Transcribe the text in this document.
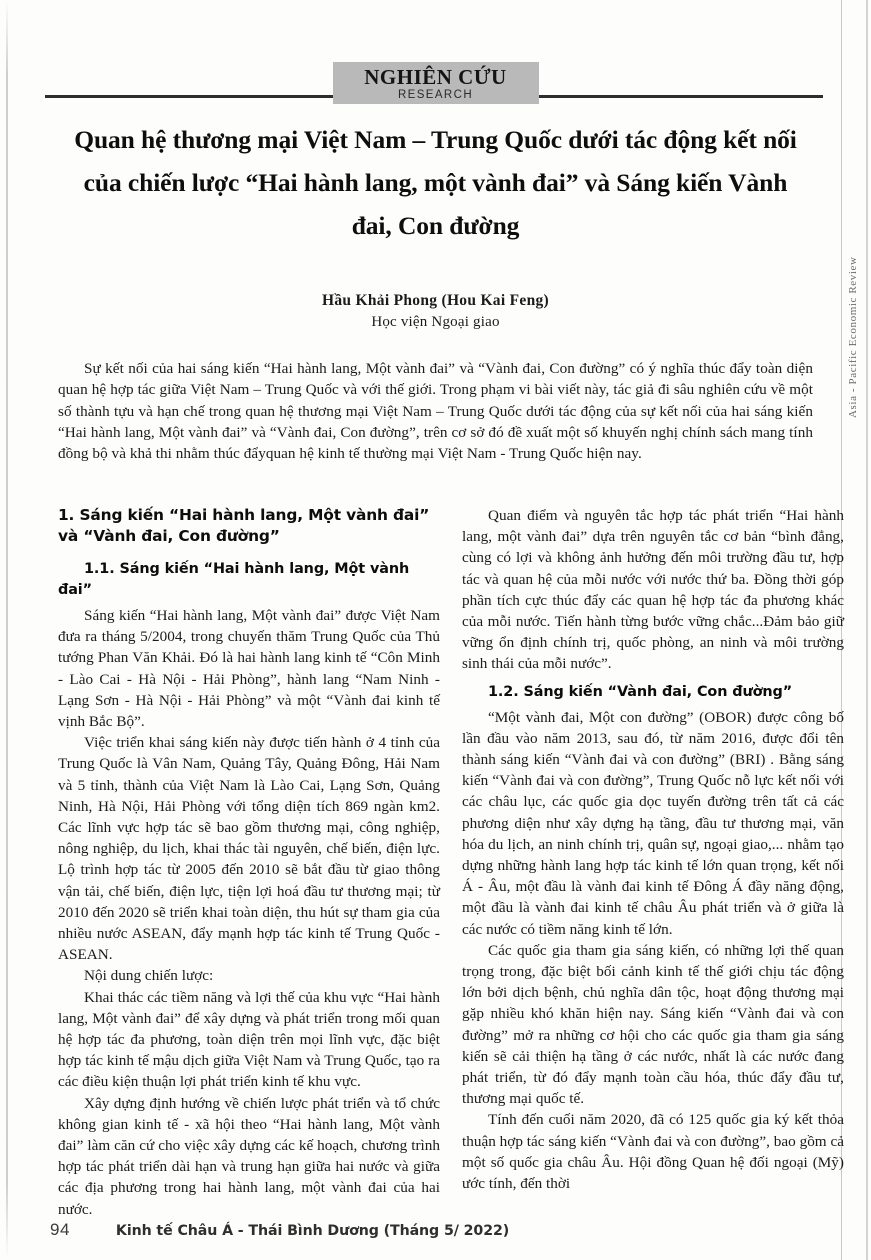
NGHIÊN CỨU
RESEARCH
Quan hệ thương mại Việt Nam – Trung Quốc dưới tác động kết nối của chiến lược “Hai hành lang, một vành đai” và Sáng kiến Vành đai, Con đường
Hầu Khải Phong (Hou Kai Feng)
Học viện Ngoại giao
Sự kết nối của hai sáng kiến “Hai hành lang, Một vành đai” và “Vành đai, Con đường” có ý nghĩa thúc đẩy toàn diện quan hệ hợp tác giữa Việt Nam – Trung Quốc và với thế giới. Trong phạm vi bài viết này, tác giả đi sâu nghiên cứu về một số thành tựu và hạn chế trong quan hệ thương mại Việt Nam – Trung Quốc dưới tác động của sự kết nối của hai sáng kiến “Hai hành lang, Một vành đai” và “Vành đai, Con đường”, trên cơ sở đó đề xuất một số khuyến nghị chính sách mang tính đồng bộ và khả thi nhằm thúc đẩyquan hệ kinh tế thường mại Việt Nam - Trung Quốc hiện nay.
1. Sáng kiến “Hai hành lang, Một vành đai” và “Vành đai, Con đường”
1.1. Sáng kiến “Hai hành lang, Một vành đai”

Sáng kiến “Hai hành lang, Một vành đai” được Việt Nam đưa ra tháng 5/2004, trong chuyến thăm Trung Quốc của Thủ tướng Phan Văn Khải. Đó là hai hành lang kinh tế “Côn Minh - Lào Cai - Hà Nội - Hải Phòng”, hành lang “Nam Ninh - Lạng Sơn - Hà Nội - Hải Phòng” và một “Vành đai kinh tế vịnh Bắc Bộ”.

Việc triển khai sáng kiến này được tiến hành ở 4 tỉnh của Trung Quốc là Vân Nam, Quảng Tây, Quảng Đông, Hải Nam và 5 tỉnh, thành của Việt Nam là Lào Cai, Lạng Sơn, Quảng Ninh, Hà Nội, Hải Phòng với tổng diện tích 869 ngàn km2. Các lĩnh vực hợp tác sẽ bao gồm thương mại, công nghiệp, nông nghiệp, du lịch, khai thác tài nguyên, chế biến, điện lực. Lộ trình hợp tác từ 2005 đến 2010 sẽ bắt đầu từ giao thông vận tải, chế biến, điện lực, tiện lợi hoá đầu tư thương mại; từ 2010 đến 2020 sẽ triển khai toàn diện, thu hút sự tham gia của nhiều nước ASEAN, đẩy mạnh hợp tác kinh tế Trung Quốc - ASEAN.

Nội dung chiến lược:

Khai thác các tiềm năng và lợi thế của khu vực “Hai hành lang, Một vành đai” để xây dựng và phát triển trong mối quan hệ hợp tác đa phương, toàn diện trên mọi lĩnh vực, đặc biệt hợp tác kinh tế mậu dịch giữa Việt Nam và Trung Quốc, tạo ra các điều kiện thuận lợi phát triển kinh tế khu vực.

Xây dựng định hướng về chiến lược phát triển và tổ chức không gian kinh tế - xã hội theo “Hai hành lang, Một vành đai” làm căn cứ cho việc xây dựng các kế hoạch, chương trình hợp tác phát triển dài hạn và trung hạn giữa hai nước và giữa các địa phương trong hai hành lang, một vành đai của hai nước.

Quan điểm và nguyên tắc hợp tác phát triển “Hai hành lang, một vành đai” dựa trên nguyên tắc cơ bản “bình đẳng, cùng có lợi và không ảnh hưởng đến môi trường đầu tư, hợp tác và quan hệ của mỗi nước với nước thứ ba. Đồng thời góp phần tích cực thúc đẩy các quan hệ hợp tác đa phương khác của mỗi nước. Tiến hành từng bước vững chắc...Đảm bảo giữ vững ổn định chính trị, quốc phòng, an ninh và môi trường sinh thái của mỗi nước”.

1.2. Sáng kiến “Vành đai, Con đường”

“Một vành đai, Một con đường” (OBOR) được công bố lần đầu vào năm 2013, sau đó, từ năm 2016, được đổi tên thành sáng kiến “Vành đai và con đường” (BRI) . Bằng sáng kiến “Vành đai và con đường”, Trung Quốc nỗ lực kết nối với các châu lục, các quốc gia dọc tuyến đường trên tất cả các phương diện như xây dựng hạ tầng, đầu tư thương mại, văn hóa du lịch, an ninh chính trị, quân sự, ngoại giao,... nhằm tạo dựng những hành lang hợp tác kinh tế lớn quan trọng, kết nối Á - Âu, một đầu là vành đai kinh tế Đông Á đầy năng động, một đầu là vành đai kinh tế châu Âu phát triển và ở giữa là các nước có tiềm năng kinh tế lớn.

Các quốc gia tham gia sáng kiến, có những lợi thế quan trọng trong, đặc biệt bối cảnh kinh tế thế giới chịu tác động lớn bởi dịch bệnh, chủ nghĩa dân tộc, hoạt động thương mại gặp nhiều khó khăn hiện nay. Sáng kiến “Vành đai và con đường” mở ra những cơ hội cho các quốc gia tham gia sáng kiến sẽ cải thiện hạ tầng ở các nước, nhất là các nước đang phát triển, từ đó đẩy mạnh toàn cầu hóa, thúc đẩy đầu tư, thương mại quốc tế.

Tính đến cuối năm 2020, đã có 125 quốc gia ký kết thỏa thuận hợp tác sáng kiến “Vành đai và con đường”, bao gồm cả một số quốc gia châu Âu. Hội đồng Quan hệ đối ngoại (Mỹ) ước tính, đến thời

Asia - Pacific Economic Review
94	Kinh tế Châu Á - Thái Bình Dương (Tháng 5/ 2022)
